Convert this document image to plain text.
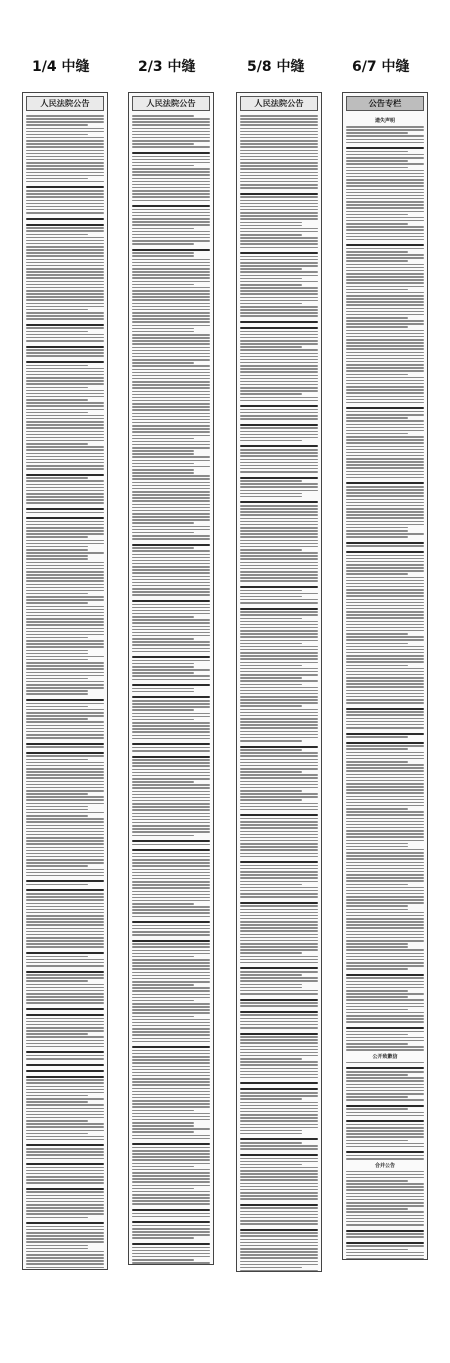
1/4 中缝	2/3 中缝	5/8 中缝	6/7 中缝
人民法院公告	人民法院公告	人民法院公告	公告专栏
遗失声明
公开致歉信
合并公告
